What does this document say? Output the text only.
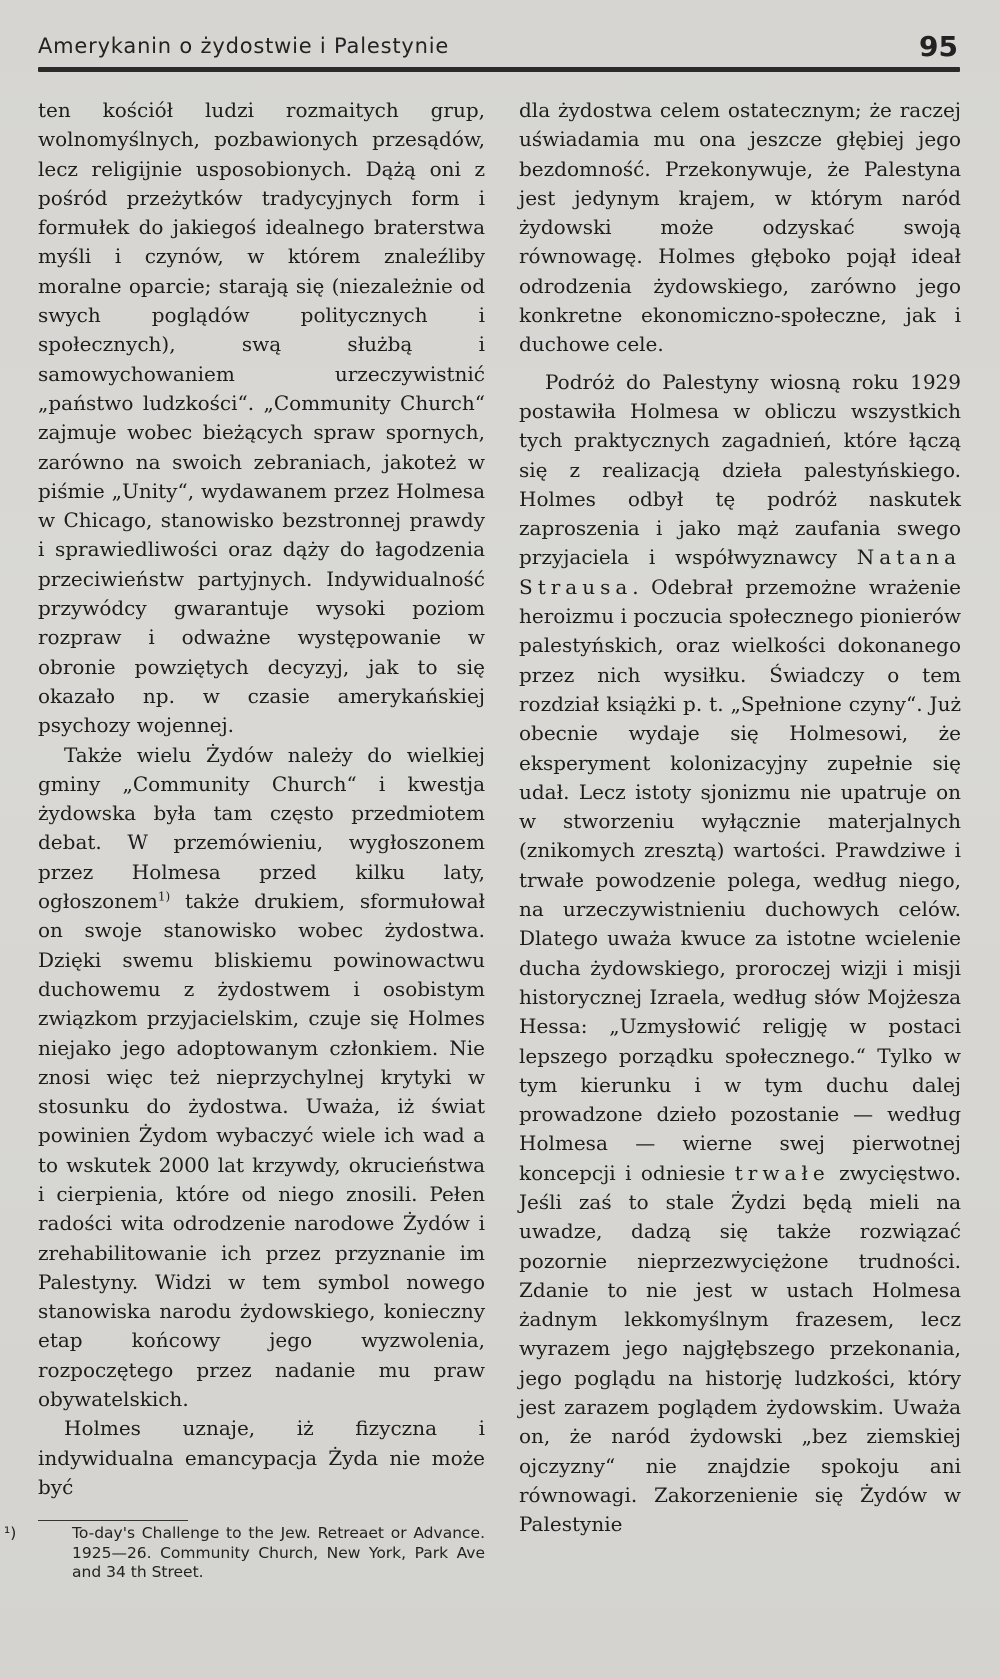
Amerykanin o żydostwie i Palestynie	95

ten kościół ludzi rozmaitych grup, wolnomyślnych, pozbawionych przesądów, lecz religijnie usposobionych. Dążą oni z pośród przeżytków tradycyjnych form i formułek do jakiegoś idealnego braterstwa myśli i czynów, w którem znaleźliby moralne oparcie; starają się (niezależnie od swych poglądów politycznych i społecznych), swą służbą i samowychowaniem urzeczywistnić „państwo ludzkości“. „Community Church“ zajmuje wobec bieżących spraw spornych, zarówno na swoich zebraniach, jakoteż w piśmie „Unity“, wydawanem przez Holmesa w Chicago, stanowisko bezstronnej prawdy i sprawiedliwości oraz dąży do łagodzenia przeciwieństw partyjnych. Indywidualność przywódcy gwarantuje wysoki poziom rozpraw i odważne występowanie w obronie powziętych decyzyj, jak to się okazało np. w czasie amerykańskiej psychozy wojennej.

Także wielu Żydów należy do wielkiej gminy „Community Church“ i kwestja żydowska była tam często przedmiotem debat. W przemówieniu, wygłoszonem przez Holmesa przed kilku laty, ogłoszonem$^{1)}$ także drukiem, sformułował on swoje stanowisko wobec żydostwa. Dzięki swemu bliskiemu powinowactwu duchowemu z żydostwem i osobistym związkom przyjacielskim, czuje się Holmes niejako jego adoptowanym członkiem. Nie znosi więc też nieprzychylnej krytyki w stosunku do żydostwa. Uważa, iż świat powinien Żydom wybaczyć wiele ich wad a to wskutek 2000 lat krzywdy, okrucieństwa i cierpienia, które od niego znosili. Pełen radości wita odrodzenie narodowe Żydów i zrehabilitowanie ich przez przyznanie im Palestyny. Widzi w tem symbol nowego stanowiska narodu żydowskiego, konieczny etap końcowy jego wyzwolenia, rozpoczętego przez nadanie mu praw obywatelskich.

Holmes uznaje, iż fizyczna i indywidualna emancypacja Żyda nie może być

¹)	To-day's Challenge to the Jew. Retreaet or Advance. 1925—26. Community Church, New York, Park Ave and 34 th Street.

dla żydostwa celem ostatecznym; że raczej uświadamia mu ona jeszcze głębiej jego bezdomność. Przekonywuje, że Palestyna jest jedynym krajem, w którym naród żydowski może odzyskać swoją równowagę. Holmes głęboko pojął ideał odrodzenia żydowskiego, zarówno jego konkretne ekonomiczno-społeczne, jak i duchowe cele.

Podróż do Palestyny wiosną roku 1929 postawiła Holmesa w obliczu wszystkich tych praktycznych zagadnień, które łączą się z realizacją dzieła palestyńskiego. Holmes odbył tę podróż naskutek zaproszenia i jako mąż zaufania swego przyjaciela i współwyznawcy Natana Strausa. Odebrał przemożne wrażenie heroizmu i poczucia społecznego pionierów palestyńskich, oraz wielkości dokonanego przez nich wysiłku. Świadczy o tem rozdział książki p. t. „Spełnione czyny“. Już obecnie wydaje się Holmesowi, że eksperyment kolonizacyjny zupełnie się udał. Lecz istoty sjonizmu nie upatruje on w stworzeniu wyłącznie materjalnych (znikomych zresztą) wartości. Prawdziwe i trwałe powodzenie polega, według niego, na urzeczywistnieniu duchowych celów. Dlatego uważa kwuce za istotne wcielenie ducha żydowskiego, proroczej wizji i misji historycznej Izraela, według słów Mojżesza Hessa: „Uzmysłowić religję w postaci lepszego porządku społecznego.“ Tylko w tym kierunku i w tym duchu dalej prowadzone dzieło pozostanie — według Holmesa — wierne swej pierwotnej koncepcji i odniesie trwałe zwycięstwo. Jeśli zaś to stale Żydzi będą mieli na uwadze, dadzą się także rozwiązać pozornie nieprzezwyciężone trudności. Zdanie to nie jest w ustach Holmesa żadnym lekkomyślnym frazesem, lecz wyrazem jego najgłębszego przekonania, jego poglądu na historję ludzkości, który jest zarazem poglądem żydowskim. Uważa on, że naród żydowski „bez ziemskiej ojczyzny“ nie znajdzie spokoju ani równowagi. Zakorzenienie się Żydów w Palestynie
